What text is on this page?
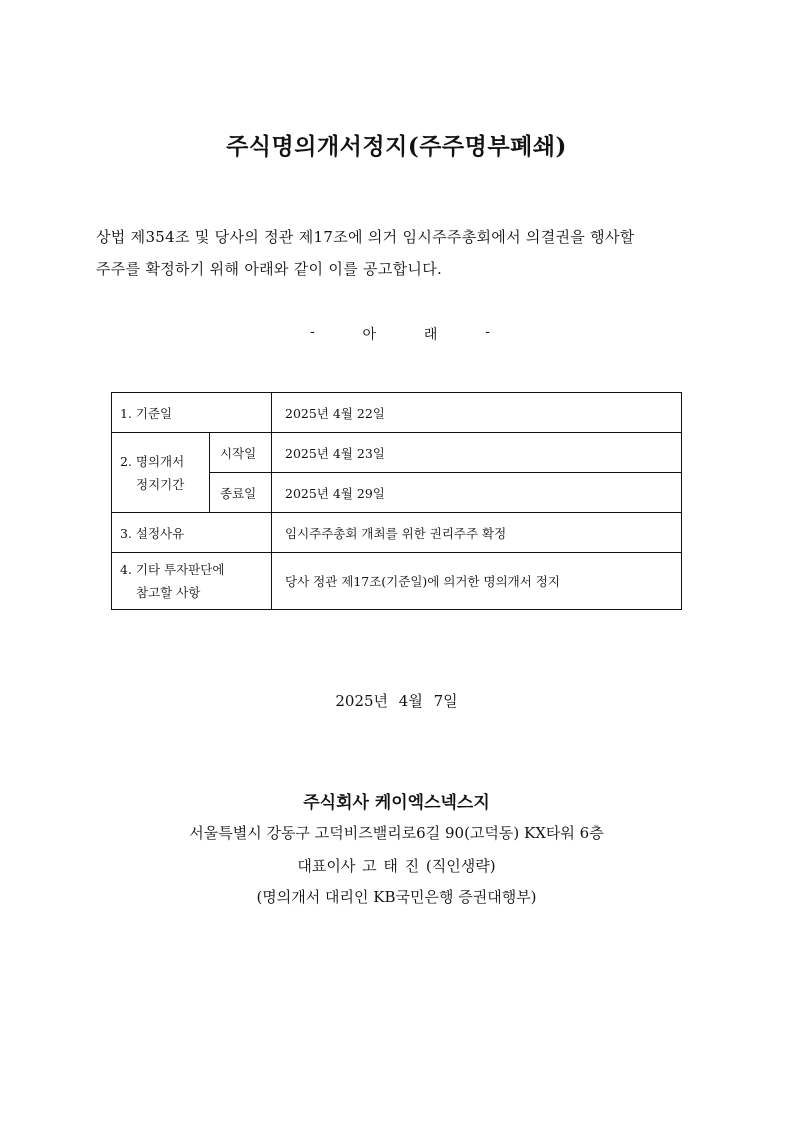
주식명의개서정지(주주명부폐쇄)
상법 제354조 및 당사의 정관 제17조에 의거 임시주주총회에서 의결권을 행사할
주주를 확정하기 위해 아래와 같이 이를 공고합니다.
-	아	래	-
1. 기준일		2025년 4월 22일

2. 명의개서
정지기간	시작일	2025년 4월 23일
	종료일	2025년 4월 29일
3. 설정사유		임시주주총회 개최를 위한 권리주주 확정

4. 기타 투자판단에
참고할 사항		당사 정관 제17조(기준일)에 의거한 명의개서 정지
2025년 4월 7일
주식회사 케이엑스넥스지
서울특별시 강동구 고덕비즈밸리로6길 90(고덕동) KX타워 6층
대표이사 고 태 진 (직인생략)
(명의개서 대리인 KB국민은행 증권대행부)
